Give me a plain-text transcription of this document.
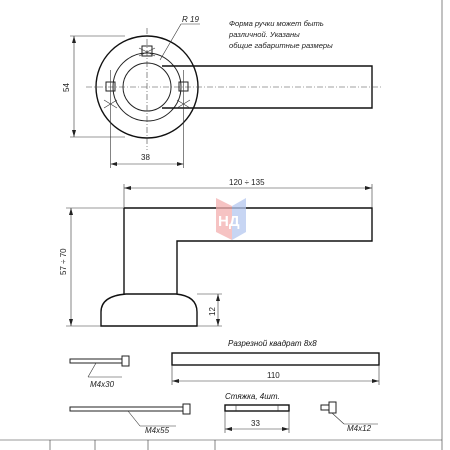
R 19
54
38
Форма ручки может быть
различной. Указаны
общие габаритные размеры
120 ÷ 135
57 ÷ 70
12
НД
Разрезной квадрат 8x8
110
M4x30
M4x55
Стяжка, 4шт.
33
M4x12
